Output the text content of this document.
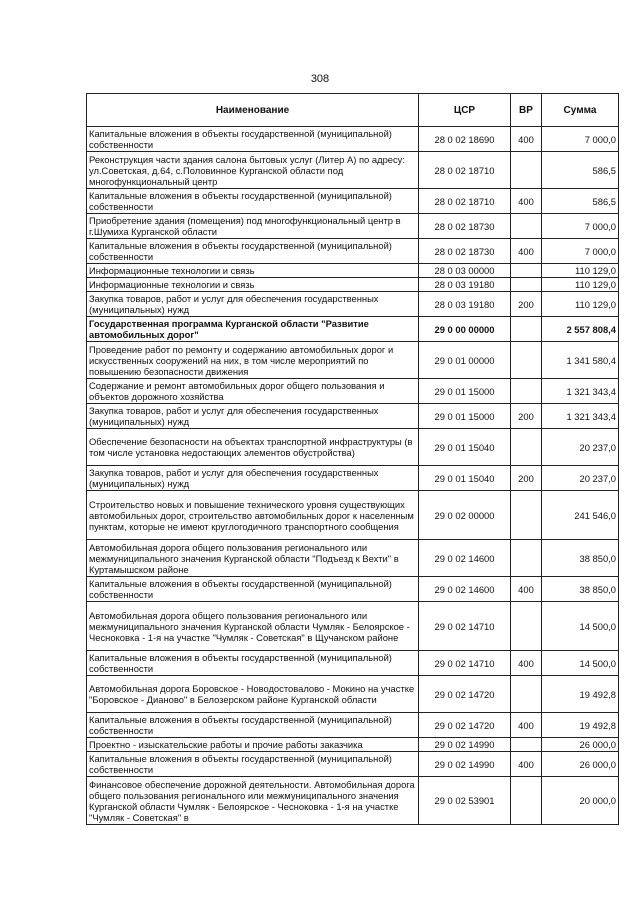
308
Наименование	ЦСР	ВР	Сумма
Капитальные вложения в объекты государственной (муниципальной) собственности	28 0 02 18690	400	7 000,0
Реконструкция части здания салона бытовых услуг (Литер А) по адресу: ул.Советская, д.64, с.Половинное Курганской области под многофункциональный центр	28 0 02 18710		586,5
Капитальные вложения в объекты государственной (муниципальной) собственности	28 0 02 18710	400	586,5
Приобретение здания (помещения) под многофункциональный центр в г.Шумиха Курганской области	28 0 02 18730		7 000,0
Капитальные вложения в объекты государственной (муниципальной) собственности	28 0 02 18730	400	7 000,0
Информационные технологии и связь	28 0 03 00000		110 129,0
Информационные технологии и связь	28 0 03 19180		110 129,0
Закупка товаров, работ и услуг для обеспечения государственных (муниципальных) нужд	28 0 03 19180	200	110 129,0
Государственная программа Курганской области "Развитие автомобильных дорог"	29 0 00 00000		2 557 808,4
Проведение работ по ремонту и содержанию автомобильных дорог и искусственных сооружений на них, в том числе мероприятий по повышению безопасности движения	29 0 01 00000		1 341 580,4
Содержание и ремонт автомобильных дорог общего пользования и объектов дорожного хозяйства	29 0 01 15000		1 321 343,4
Закупка товаров, работ и услуг для обеспечения государственных (муниципальных) нужд	29 0 01 15000	200	1 321 343,4
Обеспечение безопасности на объектах транспортной инфраструктуры (в том числе установка недостающих элементов обустройства)	29 0 01 15040		20 237,0
Закупка товаров, работ и услуг для обеспечения государственных (муниципальных) нужд	29 0 01 15040	200	20 237,0
Строительство новых и повышение технического уровня существующих автомобильных дорог, строительство автомобильных дорог к населенным пунктам, которые не имеют круглогодичного транспортного сообщения	29 0 02 00000		241 546,0
Автомобильная дорога общего пользования регионального или межмуниципального значения Курганской области "Подъезд к Вехти" в Куртамышском районе	29 0 02 14600		38 850,0
Капитальные вложения в объекты государственной (муниципальной) собственности	29 0 02 14600	400	38 850,0
Автомобильная дорога общего пользования регионального или межмуниципального значения Курганской области Чумляк - Белоярское - Чесноковка - 1-я на участке "Чумляк - Советская" в Щучанском районе	29 0 02 14710		14 500,0
Капитальные вложения в объекты государственной (муниципальной) собственности	29 0 02 14710	400	14 500,0
Автомобильная дорога Боровское - Новодостовалово - Мокино на участке "Боровское - Дианово" в Белозерском районе Курганской области	29 0 02 14720		19 492,8
Капитальные вложения в объекты государственной (муниципальной) собственности	29 0 02 14720	400	19 492,8
Проектно - изыскательские работы и прочие работы заказчика	29 0 02 14990		26 000,0
Капитальные вложения в объекты государственной (муниципальной) собственности	29 0 02 14990	400	26 000,0
Финансовое обеспечение дорожной деятельности. Автомобильная дорога общего пользования регионального или межмуниципального значения Курганской области Чумляк - Белоярское - Чесноковка - 1-я на участке "Чумляк - Советская" в	29 0 02 53901		20 000,0
